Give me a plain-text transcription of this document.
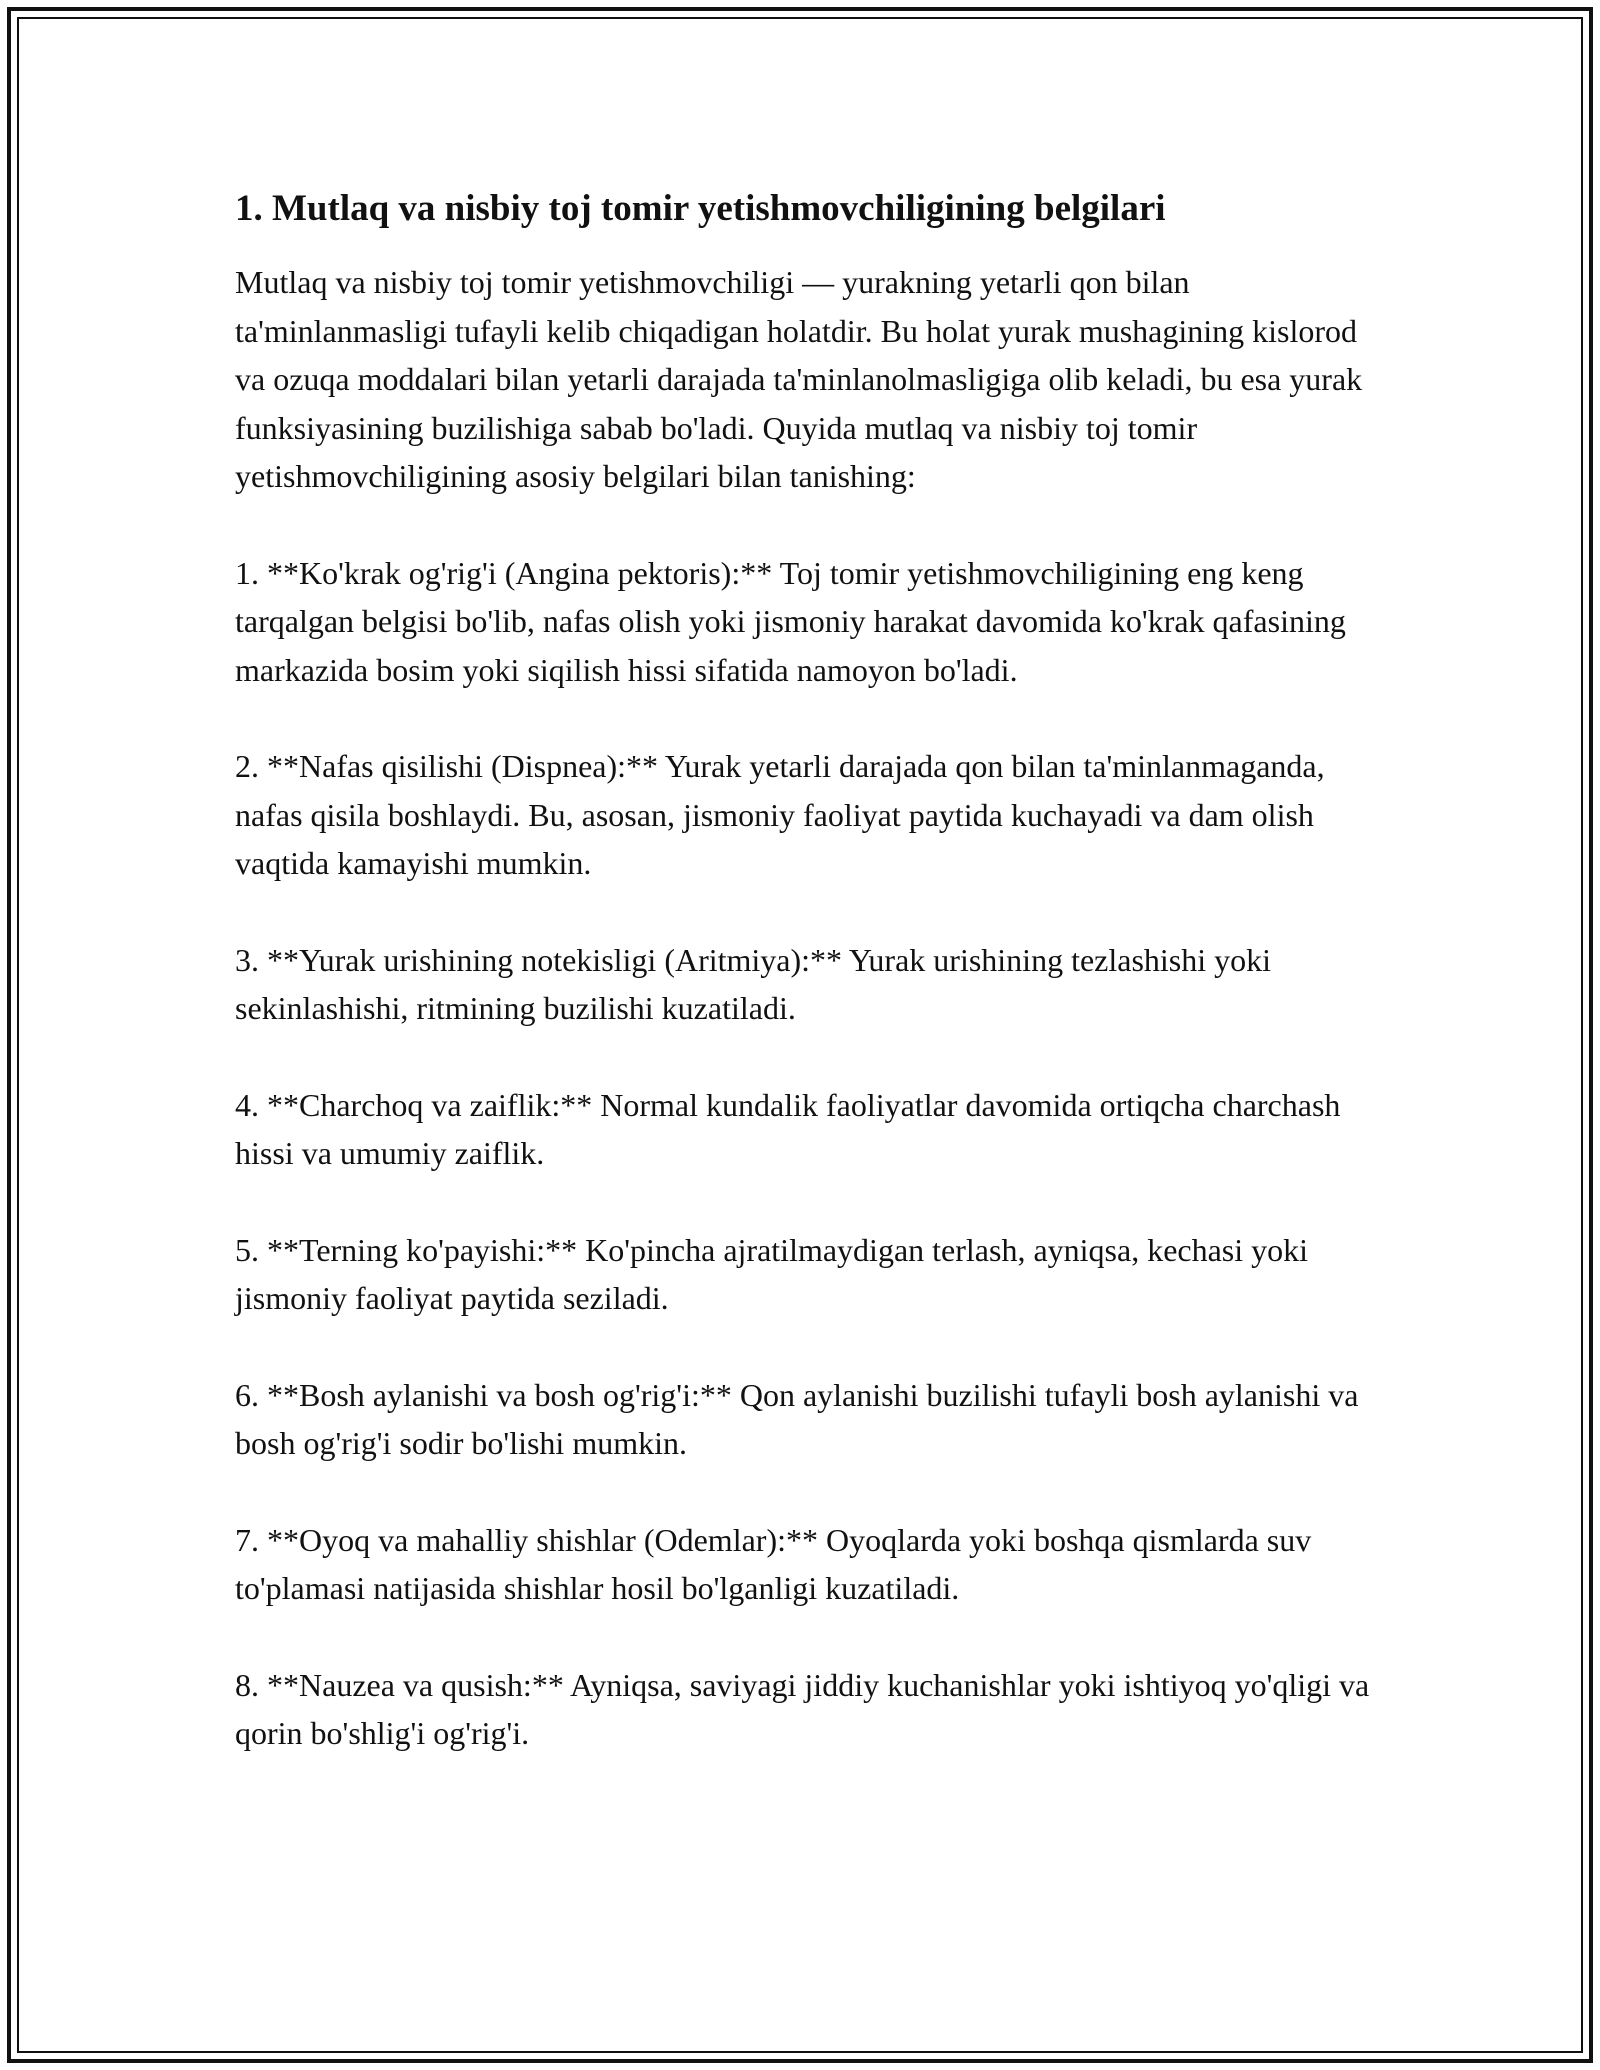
1. Mutlaq va nisbiy toj tomir yetishmovchiligining belgilari

Mutlaq va nisbiy toj tomir yetishmovchiligi — yurakning yetarli qon bilan ta'minlanmasligi tufayli kelib chiqadigan holatdir. Bu holat yurak mushagining kislorod va ozuqa moddalari bilan yetarli darajada ta'minlanolmasligiga olib keladi, bu esa yurak funksiyasining buzilishiga sabab bo'ladi. Quyida mutlaq va nisbiy toj tomir yetishmovchiligining asosiy belgilari bilan tanishing:

1. **Ko'krak og'rig'i (Angina pektoris):** Toj tomir yetishmovchiligining eng keng tarqalgan belgisi bo'lib, nafas olish yoki jismoniy harakat davomida ko'krak qafasining markazida bosim yoki siqilish hissi sifatida namoyon bo'ladi.

2. **Nafas qisilishi (Dispnea):** Yurak yetarli darajada qon bilan ta'minlanmaganda, nafas qisila boshlaydi. Bu, asosan, jismoniy faoliyat paytida kuchayadi va dam olish vaqtida kamayishi mumkin.

3. **Yurak urishining notekisligi (Aritmiya):** Yurak urishining tezlashishi yoki sekinlashishi, ritmining buzilishi kuzatiladi.

4. **Charchoq va zaiflik:** Normal kundalik faoliyatlar davomida ortiqcha charchash hissi va umumiy zaiflik.

5. **Terning ko'payishi:** Ko'pincha ajratilmaydigan terlash, ayniqsa, kechasi yoki jismoniy faoliyat paytida seziladi.

6. **Bosh aylanishi va bosh og'rig'i:** Qon aylanishi buzilishi tufayli bosh aylanishi va bosh og'rig'i sodir bo'lishi mumkin.

7. **Oyoq va mahalliy shishlar (Odemlar):** Oyoqlarda yoki boshqa qismlarda suv to'plamasi natijasida shishlar hosil bo'lganligi kuzatiladi.

8. **Nauzea va qusish:** Ayniqsa, saviyagi jiddiy kuchanishlar yoki ishtiyoq yo'qligi va qorin bo'shlig'i og'rig'i.
